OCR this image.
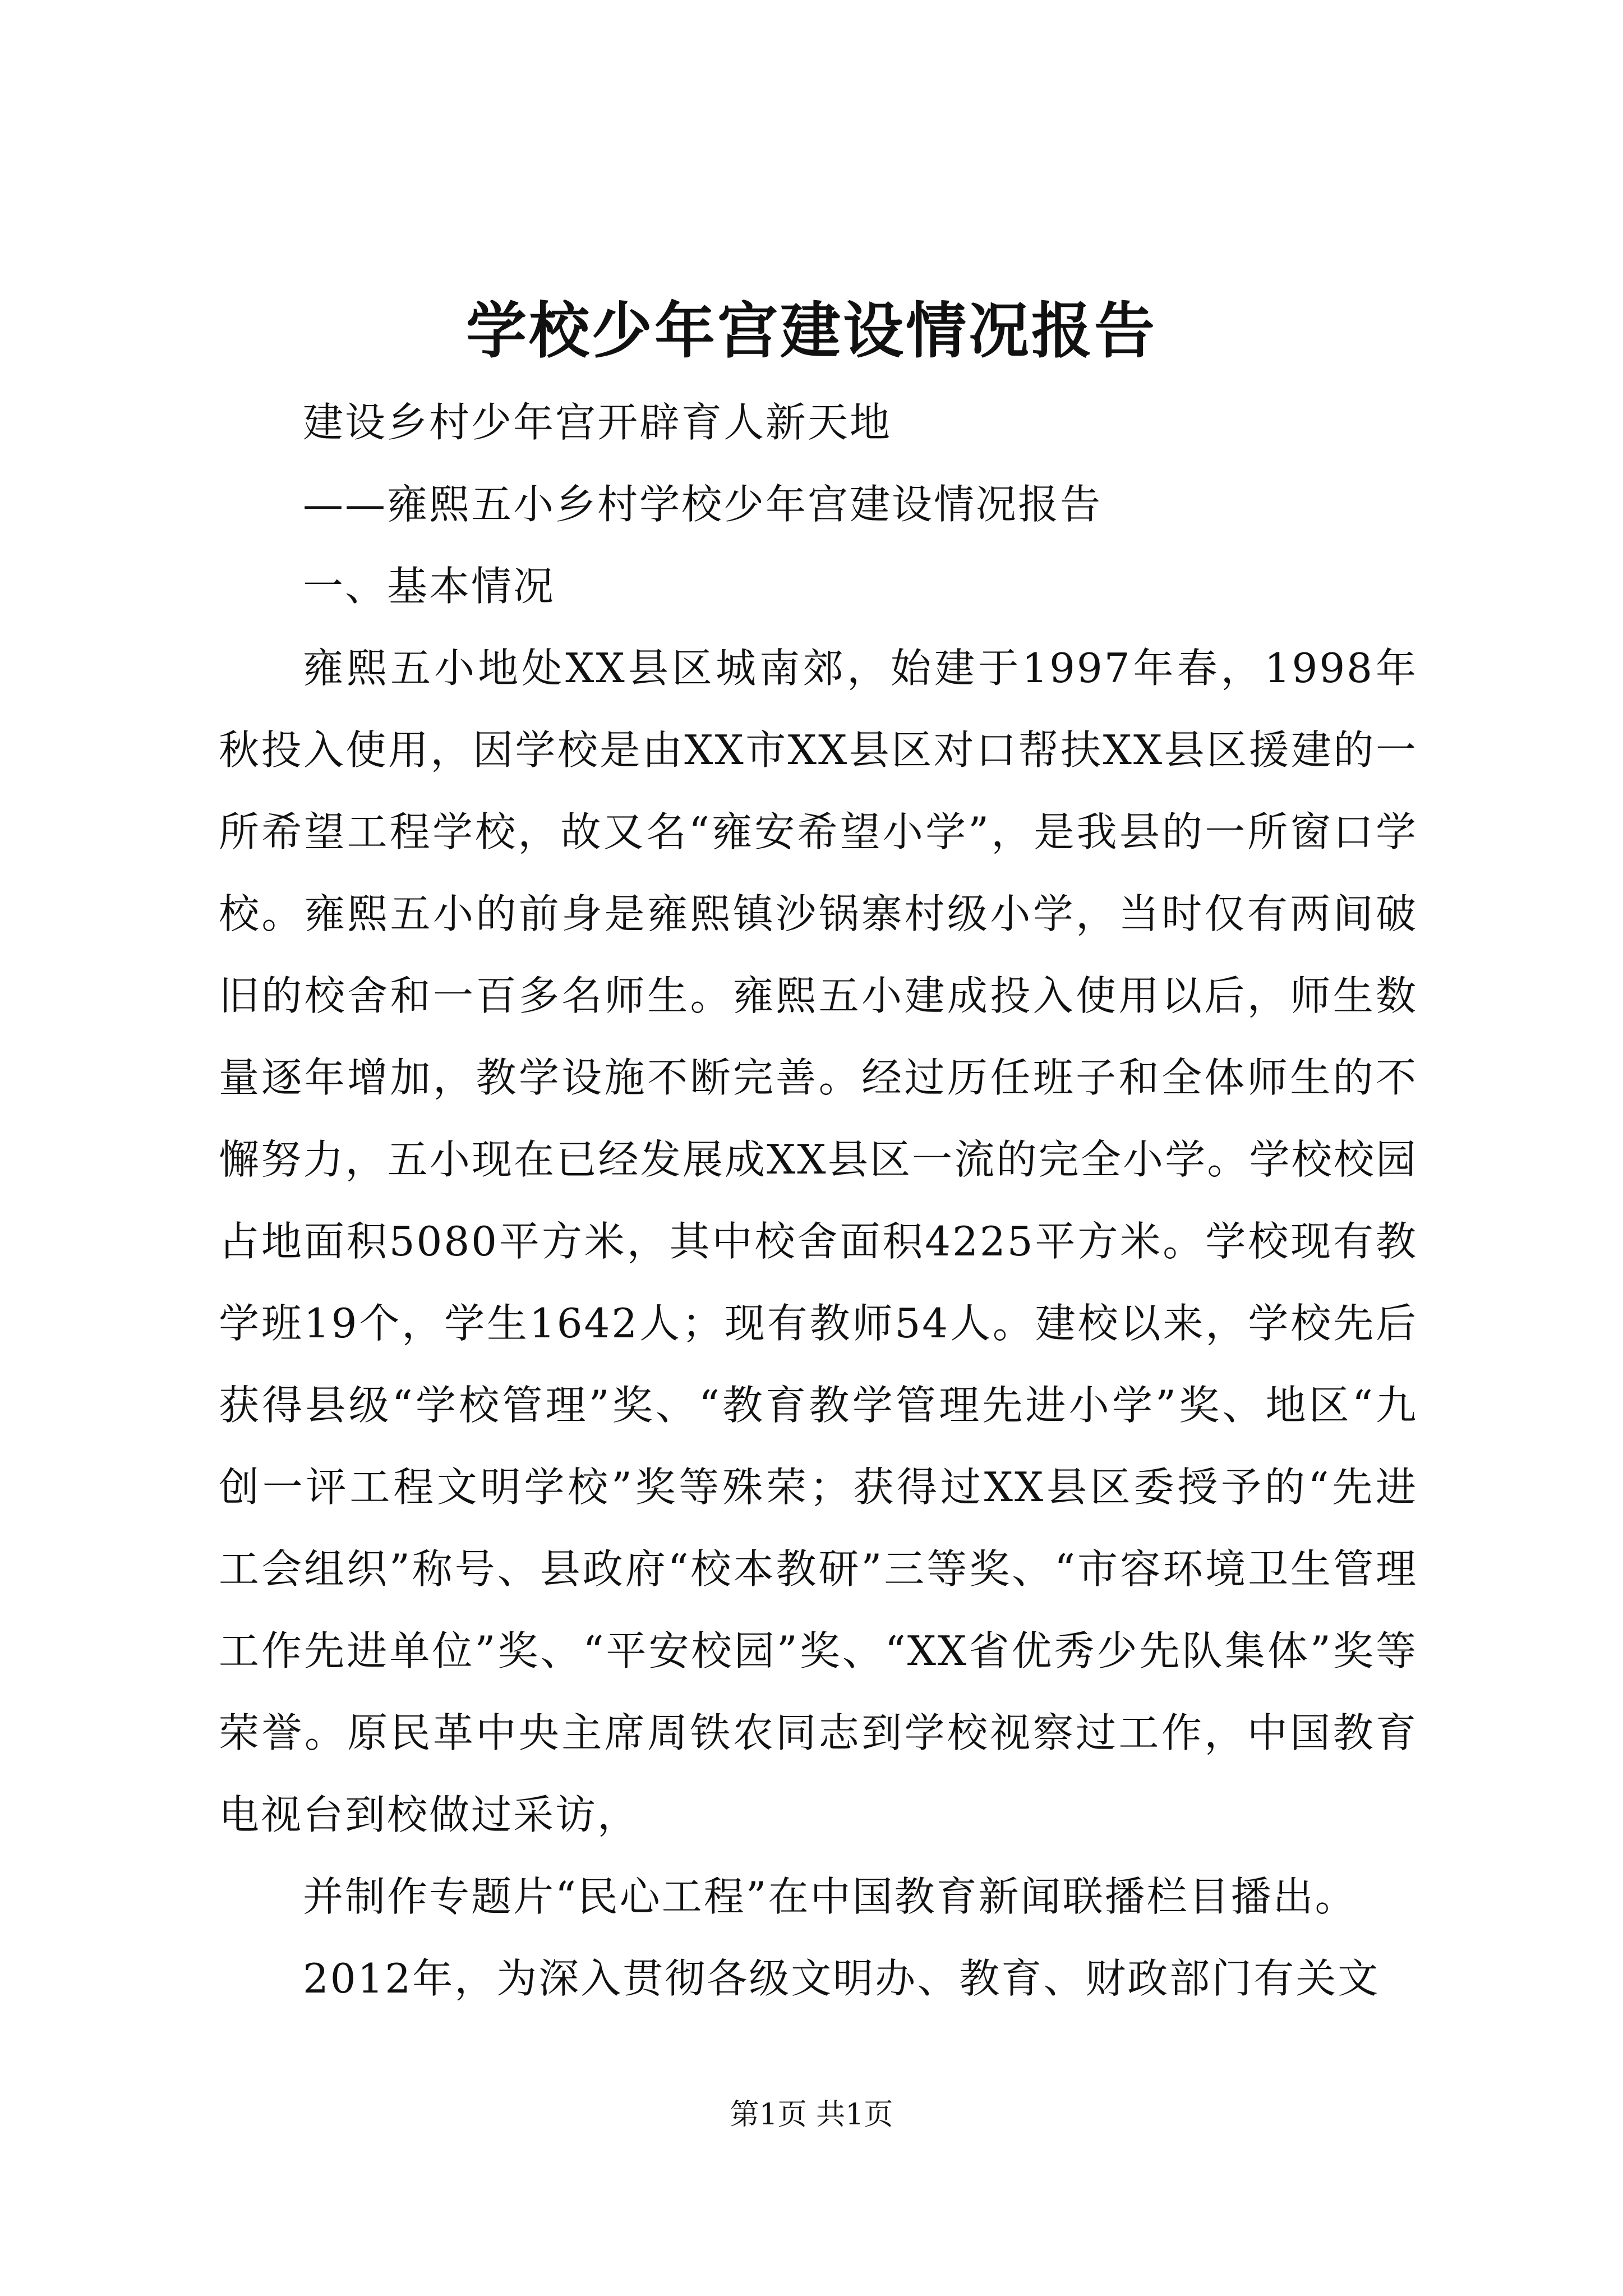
学校少年宫建设情况报告

建设乡村少年宫开辟育人新天地

——雍熙五小乡村学校少年宫建设情况报告

一、基本情况

雍熙五小地处XX县区城南郊，始建于1997年春，1998年秋投入使用，因学校是由XX市XX县区对口帮扶XX县区援建的一所希望工程学校，故又名“雍安希望小学”，是我县的一所窗口学校。雍熙五小的前身是雍熙镇沙锅寨村级小学，当时仅有两间破旧的校舍和一百多名师生。雍熙五小建成投入使用以后，师生数量逐年增加，教学设施不断完善。经过历任班子和全体师生的不懈努力，五小现在已经发展成XX县区一流的完全小学。学校校园占地面积5080平方米，其中校舍面积4225平方米。学校现有教学班19个，学生1642人；现有教师54人。建校以来，学校先后获得县级“学校管理”奖、“教育教学管理先进小学”奖、地区“九创一评工程文明学校”奖等殊荣；获得过XX县区委授予的“先进工会组织”称号、县政府“校本教研”三等奖、“市容环境卫生管理工作先进单位”奖、“平安校园”奖、“XX省优秀少先队集体”奖等荣誉。原民革中央主席周铁农同志到学校视察过工作，中国教育电视台到校做过采访，

并制作专题片“民心工程”在中国教育新闻联播栏目播出。

2012年，为深入贯彻各级文明办、教育、财政部门有关文

第1页 共1页
